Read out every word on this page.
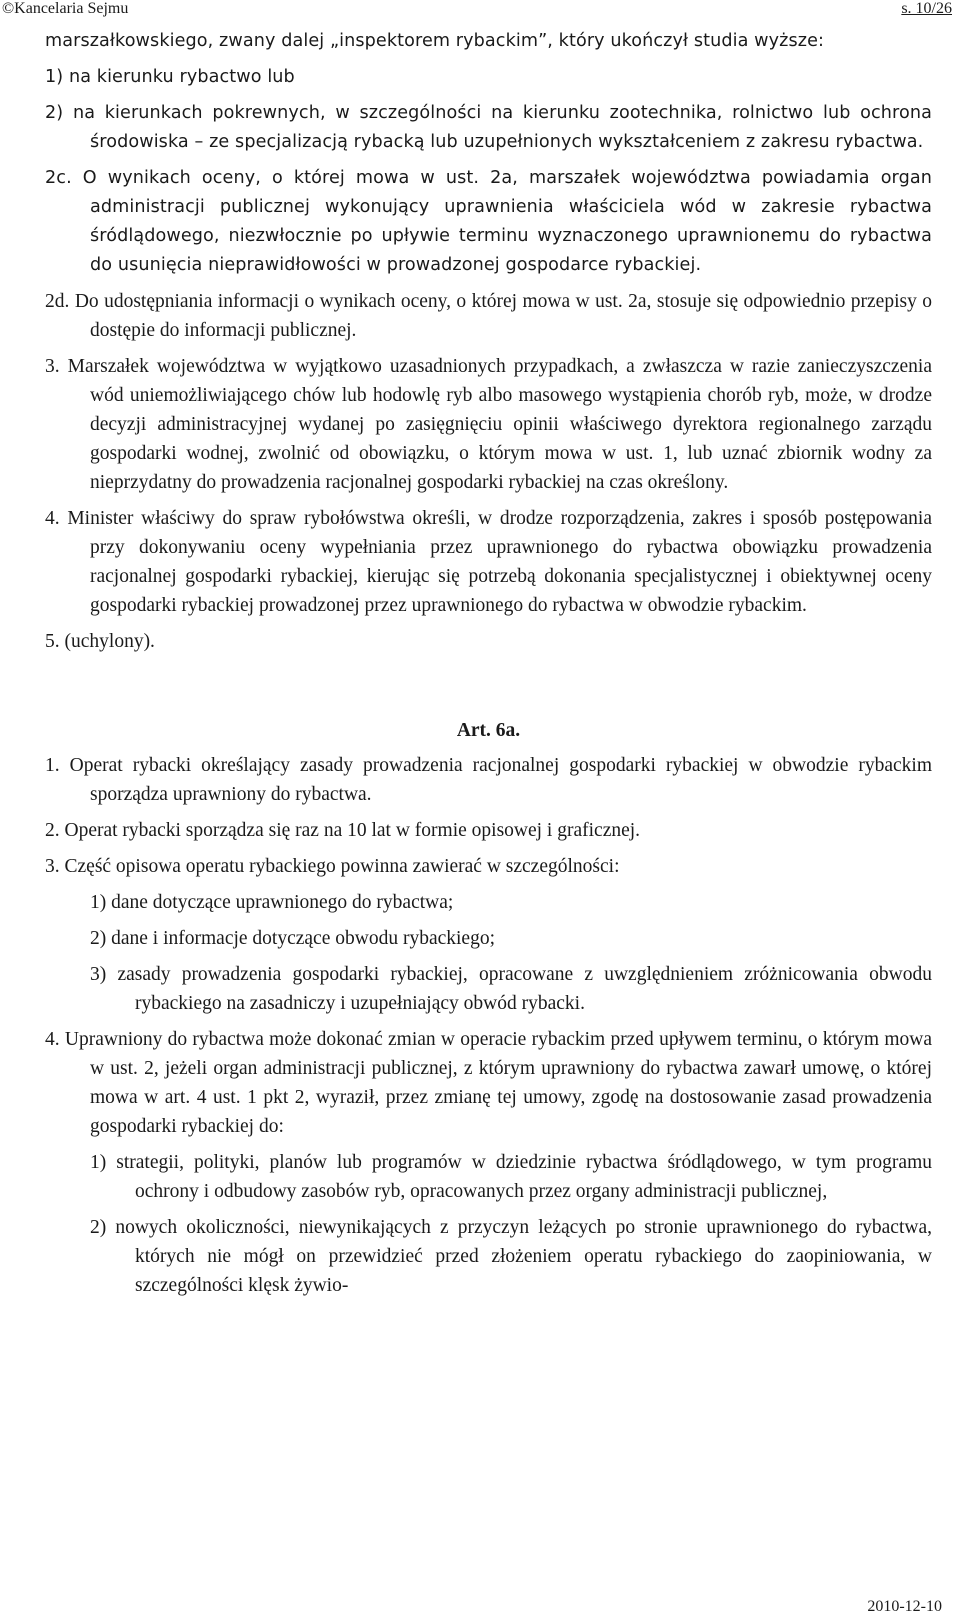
©Kancelaria Sejmu	s. 10/26
marszałkowskiego, zwany dalej „inspektorem rybackim”, który ukończył studia wyższe:
1) na kierunku rybactwo lub
2) na kierunkach pokrewnych, w szczególności na kierunku zootechnika, rolnictwo lub ochrona środowiska – ze specjalizacją rybacką lub uzupełnionych wykształceniem z zakresu rybactwa.
2c. O wynikach oceny, o której mowa w ust. 2a, marszałek województwa powiadamia organ administracji publicznej wykonujący uprawnienia właściciela wód w zakresie rybactwa śródlądowego, niezwłocznie po upływie terminu wyznaczonego uprawnionemu do rybactwa do usunięcia nieprawidłowości w prowadzonej gospodarce rybackiej.
2d. Do udostępniania informacji o wynikach oceny, o której mowa w ust. 2a, stosuje się odpowiednio przepisy o dostępie do informacji publicznej.
3. Marszałek województwa w wyjątkowo uzasadnionych przypadkach, a zwłaszcza w razie zanieczyszczenia wód uniemożliwiającego chów lub hodowlę ryb albo masowego wystąpienia chorób ryb, może, w drodze decyzji administracyjnej wydanej po zasięgnięciu opinii właściwego dyrektora regionalnego zarządu gospodarki wodnej, zwolnić od obowiązku, o którym mowa w ust. 1, lub uznać zbiornik wodny za nieprzydatny do prowadzenia racjonalnej gospodarki rybackiej na czas określony.
4. Minister właściwy do spraw rybołówstwa określi, w drodze rozporządzenia, zakres i sposób postępowania przy dokonywaniu oceny wypełniania przez uprawnionego do rybactwa obowiązku prowadzenia racjonalnej gospodarki rybackiej, kierując się potrzebą dokonania specjalistycznej i obiektywnej oceny gospodarki rybackiej prowadzonej przez uprawnionego do rybactwa w obwodzie rybackim.
5. (uchylony).
Art. 6a.
1. Operat rybacki określający zasady prowadzenia racjonalnej gospodarki rybackiej w obwodzie rybackim sporządza uprawniony do rybactwa.
2. Operat rybacki sporządza się raz na 10 lat w formie opisowej i graficznej.
3. Część opisowa operatu rybackiego powinna zawierać w szczególności:
1) dane dotyczące uprawnionego do rybactwa;
2) dane i informacje dotyczące obwodu rybackiego;
3) zasady prowadzenia gospodarki rybackiej, opracowane z uwzględnieniem zróżnicowania obwodu rybackiego na zasadniczy i uzupełniający obwód rybacki.
4. Uprawniony do rybactwa może dokonać zmian w operacie rybackim przed upływem terminu, o którym mowa w ust. 2, jeżeli organ administracji publicznej, z którym uprawniony do rybactwa zawarł umowę, o której mowa w art. 4 ust. 1 pkt 2, wyraził, przez zmianę tej umowy, zgodę na dostosowanie zasad prowadzenia gospodarki rybackiej do:
1) strategii, polityki, planów lub programów w dziedzinie rybactwa śródlądowego, w tym programu ochrony i odbudowy zasobów ryb, opracowanych przez organy administracji publicznej,
2) nowych okoliczności, niewynikających z przyczyn leżących po stronie uprawnionego do rybactwa, których nie mógł on przewidzieć przed złożeniem operatu rybackiego do zaopiniowania, w szczególności klęsk żywio-
2010-12-10
